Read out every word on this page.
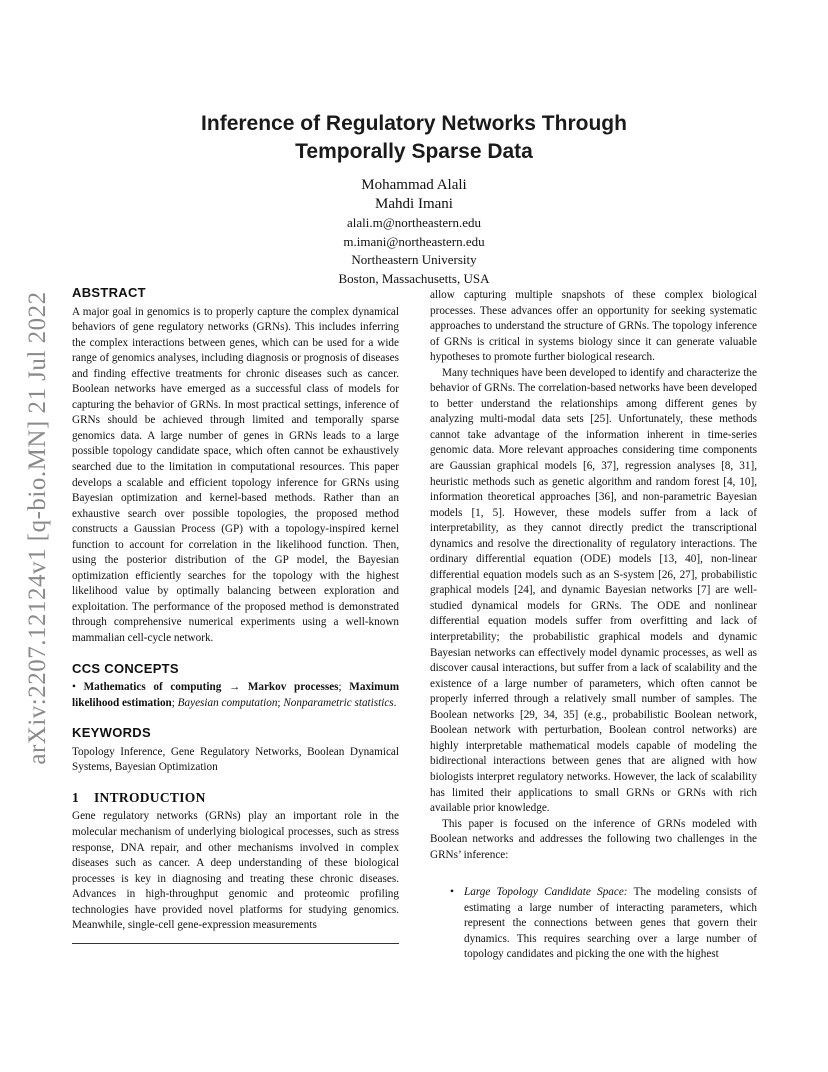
Inference of Regulatory Networks Through
Temporally Sparse Data
Mohammad Alali
Mahdi Imani
alali.m@northeastern.edu
m.imani@northeastern.edu
Northeastern University
Boston, Massachusetts, USA
arXiv:2207.12124v1 [q-bio.MN] 21 Jul 2022 ABSTRACT

A major goal in genomics is to properly capture the complex dynamical behaviors of gene regulatory networks (GRNs). This includes inferring the complex interactions between genes, which can be used for a wide range of genomics analyses, including diagnosis or prognosis of diseases and finding effective treatments for chronic diseases such as cancer. Boolean networks have emerged as a successful class of models for capturing the behavior of GRNs. In most practical settings, inference of GRNs should be achieved through limited and temporally sparse genomics data. A large number of genes in GRNs leads to a large possible topology candidate space, which often cannot be exhaustively searched due to the limitation in computational resources. This paper develops a scalable and efficient topology inference for GRNs using Bayesian optimization and kernel-based methods. Rather than an exhaustive search over possible topologies, the proposed method constructs a Gaussian Process (GP) with a topology-inspired kernel function to account for correlation in the likelihood function. Then, using the posterior distribution of the GP model, the Bayesian optimization efficiently searches for the topology with the highest likelihood value by optimally balancing between exploration and exploitation. The performance of the proposed method is demonstrated through comprehensive numerical experiments using a well-known mammalian cell-cycle network.

CCS CONCEPTS

• Mathematics of computing → Markov processes; Maximum likelihood estimation; Bayesian computation; Nonparametric statistics.

KEYWORDS

Topology Inference, Gene Regulatory Networks, Boolean Dynamical Systems, Bayesian Optimization

1 INTRODUCTION

Gene regulatory networks (GRNs) play an important role in the molecular mechanism of underlying biological processes, such as stress response, DNA repair, and other mechanisms involved in complex diseases such as cancer. A deep understanding of these biological processes is key in diagnosing and treating these chronic diseases. Advances in high-throughput genomic and proteomic profiling technologies have provided novel platforms for studying genomics. Meanwhile, single-cell gene-expression measurements

allow capturing multiple snapshots of these complex biological processes. These advances offer an opportunity for seeking systematic approaches to understand the structure of GRNs. The topology inference of GRNs is critical in systems biology since it can generate valuable hypotheses to promote further biological research.

Many techniques have been developed to identify and characterize the behavior of GRNs. The correlation-based networks have been developed to better understand the relationships among different genes by analyzing multi-modal data sets [25]. Unfortunately, these methods cannot take advantage of the information inherent in time-series genomic data. More relevant approaches considering time components are Gaussian graphical models [6, 37], regression analyses [8, 31], heuristic methods such as genetic algorithm and random forest [4, 10], information theoretical approaches [36], and non-parametric Bayesian models [1, 5]. However, these models suffer from a lack of interpretability, as they cannot directly predict the transcriptional dynamics and resolve the directionality of regulatory interactions. The ordinary differential equation (ODE) models [13, 40], non-linear differential equation models such as an S-system [26, 27], probabilistic graphical models [24], and dynamic Bayesian networks [7] are well-studied dynamical models for GRNs. The ODE and nonlinear differential equation models suffer from overfitting and lack of interpretability; the probabilistic graphical models and dynamic Bayesian networks can effectively model dynamic processes, as well as discover causal interactions, but suffer from a lack of scalability and the existence of a large number of parameters, which often cannot be properly inferred through a relatively small number of samples. The Boolean networks [29, 34, 35] (e.g., probabilistic Boolean network, Boolean network with perturbation, Boolean control networks) are highly interpretable mathematical models capable of modeling the bidirectional interactions between genes that are aligned with how biologists interpret regulatory networks. However, the lack of scalability has limited their applications to small GRNs or GRNs with rich available prior knowledge.

This paper is focused on the inference of GRNs modeled with Boolean networks and addresses the following two challenges in the GRNs’ inference:

• Large Topology Candidate Space: The modeling consists of estimating a large number of interacting parameters, which represent the connections between genes that govern their dynamics. This requires searching over a large number of topology candidates and picking the one with the highest
